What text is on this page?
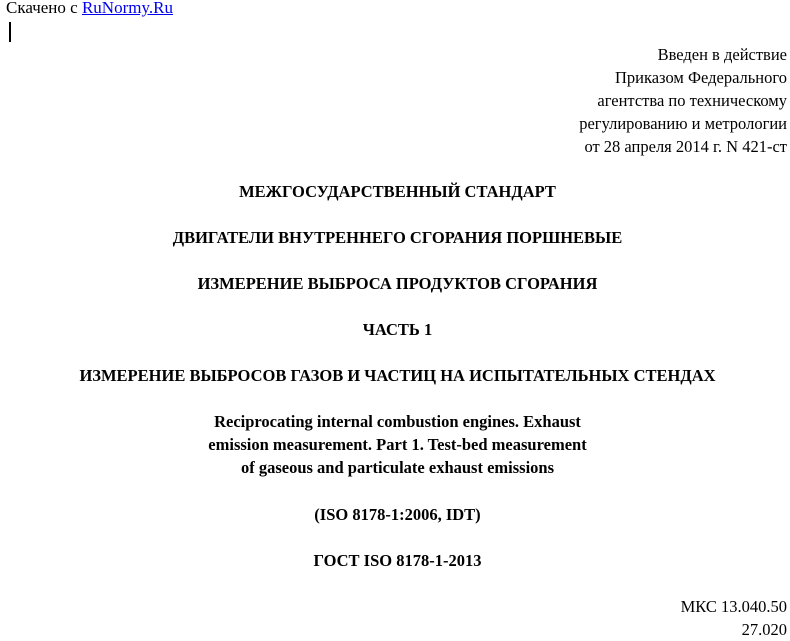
Скачено с RuNormy.Ru
Введен в действие
Приказом Федерального
агентства по техническому
регулированию и метрологии
от 28 апреля 2014 г. N 421-ст
МЕЖГОСУДАРСТВЕННЫЙ СТАНДАРТ
ДВИГАТЕЛИ ВНУТРЕННЕГО СГОРАНИЯ ПОРШНЕВЫЕ
ИЗМЕРЕНИЕ ВЫБРОСА ПРОДУКТОВ СГОРАНИЯ
ЧАСТЬ 1
ИЗМЕРЕНИЕ ВЫБРОСОВ ГАЗОВ И ЧАСТИЦ НА ИСПЫТАТЕЛЬНЫХ СТЕНДАХ
Reciprocating internal combustion engines. Exhaust
emission measurement. Part 1. Test-bed measurement
of gaseous and particulate exhaust emissions
(ISO 8178-1:2006, IDT)
ГОСТ ISO 8178-1-2013
МКС 13.040.50
27.020
